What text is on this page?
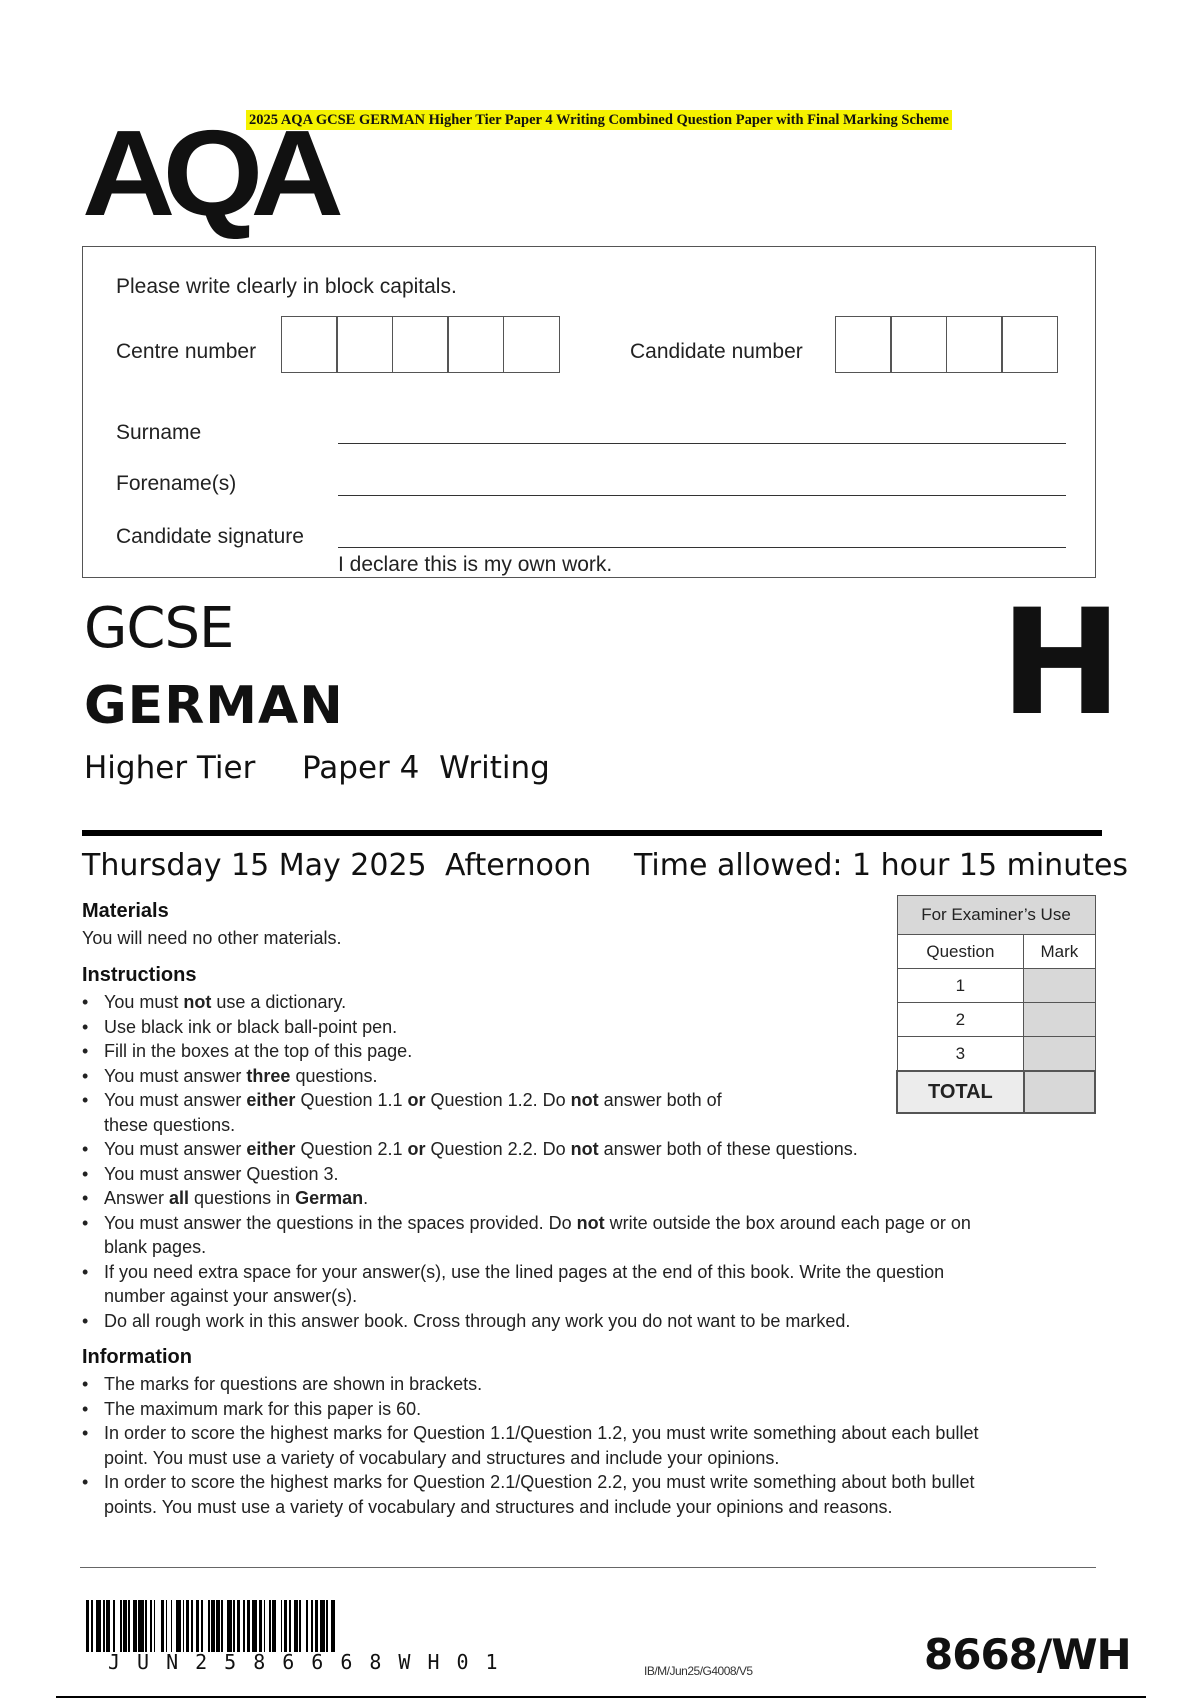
2025 AQA GCSE GERMAN Higher Tier Paper 4 Writing Combined Question Paper with Final Marking Scheme
AQA
Please write clearly in block capitals.
Centre number	Candidate number
Surname
Forename(s)
Candidate signature
I declare this is my own work.
GCSE
GERMAN
Higher Tier Paper 4  Writing
H
Thursday 15 May 2025 Afternoon Time allowed: 1 hour 15 minutes
Materials
You will need no other materials.
Instructions
• You must not use a dictionary.
• Use black ink or black ball-point pen.
• Fill in the boxes at the top of this page.
• You must answer three questions.
• You must answer either Question 1.1 or Question 1.2. Do not answer both of
these questions.
• You must answer either Question 2.1 or Question 2.2. Do not answer both of these questions.
• You must answer Question 3.
• Answer all questions in German.
• You must answer the questions in the spaces provided. Do not write outside the box around each page or on
blank pages.
• If you need extra space for your answer(s), use the lined pages at the end of this book. Write the question
number against your answer(s).
• Do all rough work in this answer book. Cross through any work you do not want to be marked.
Information
• The marks for questions are shown in brackets.
• The maximum mark for this paper is 60.
• In order to score the highest marks for Question 1.1/Question 1.2, you must write something about each bullet
point. You must use a variety of vocabulary and structures and include your opinions.
• In order to score the highest marks for Question 2.1/Question 2.2, you must write something about both bullet
points. You must use a variety of vocabulary and structures and include your opinions and reasons.
For Examiner’s Use	
Question	Mark
1	
2	
3	
TOTAL	
JUN2586668WH01	IB/M/Jun25/G4008/V5	8668/WH
